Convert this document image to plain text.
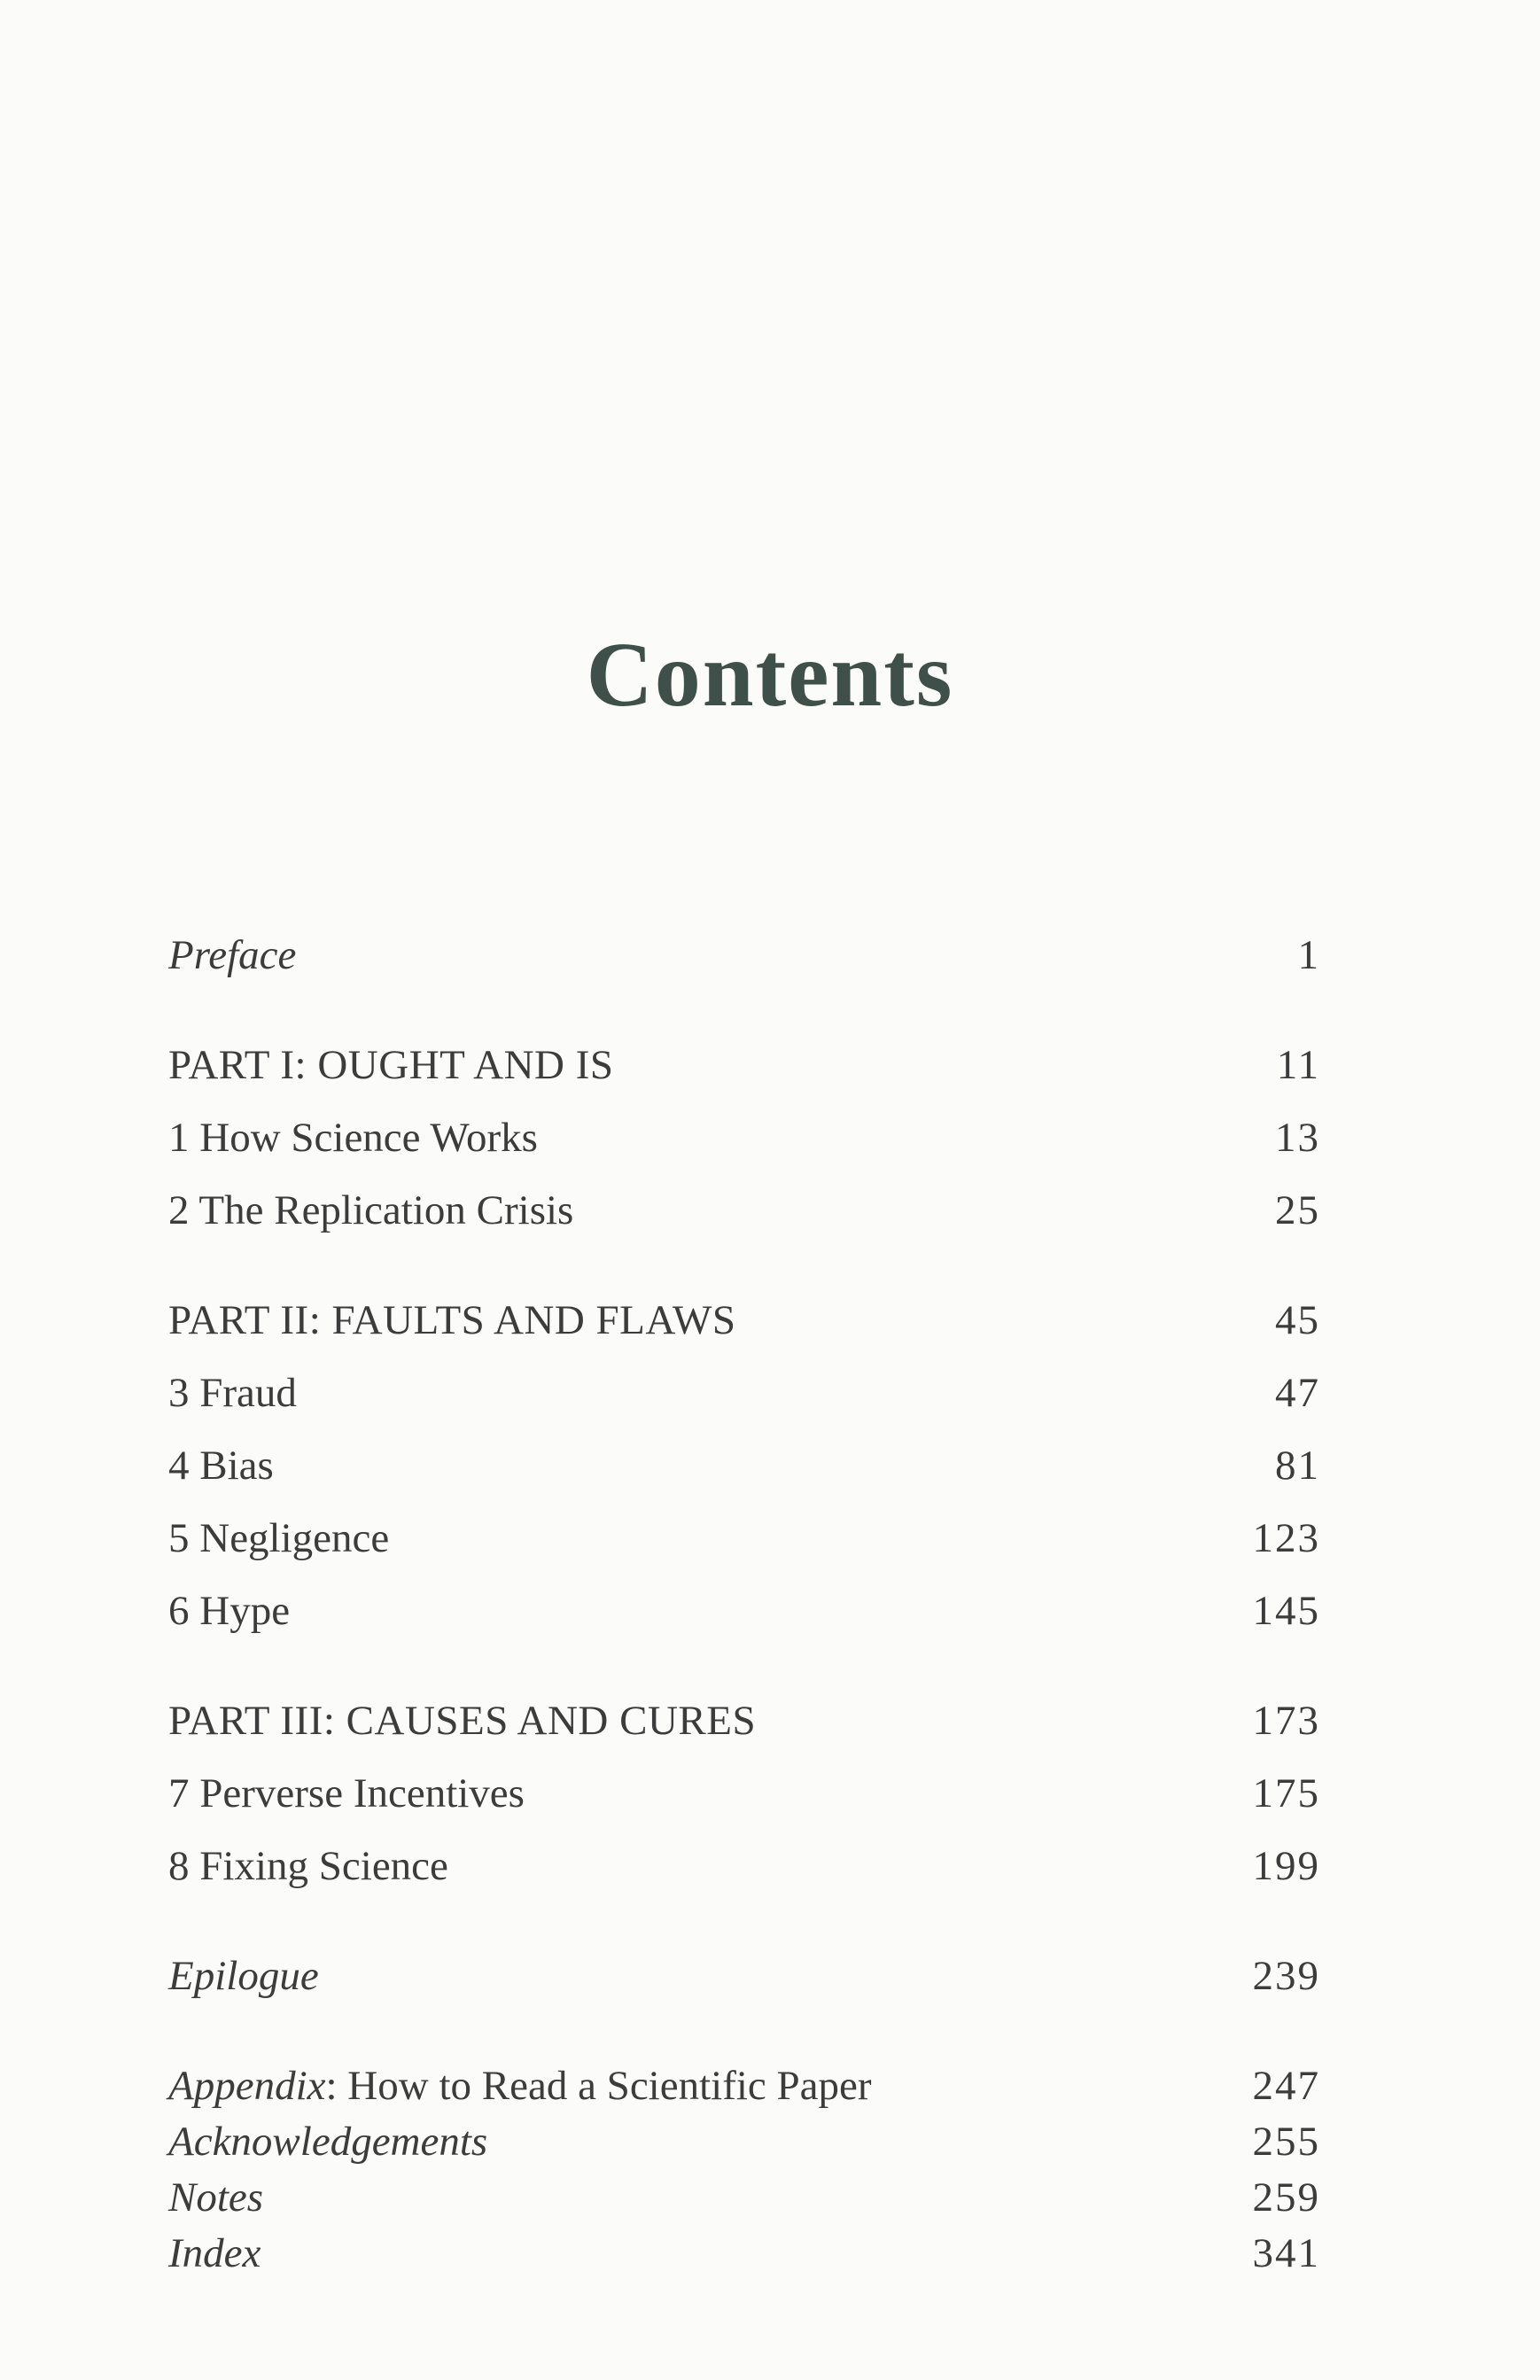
Contents
Preface	1
PART I: OUGHT AND IS	11
1 How Science Works	13
2 The Replication Crisis	25
PART II: FAULTS AND FLAWS	45
3 Fraud	47
4 Bias	81
5 Negligence	123
6 Hype	145
PART III: CAUSES AND CURES	173
7 Perverse Incentives	175
8 Fixing Science	199
Epilogue	239
Appendix: How to Read a Scientific Paper	247
Acknowledgements	255
Notes	259
Index	341
